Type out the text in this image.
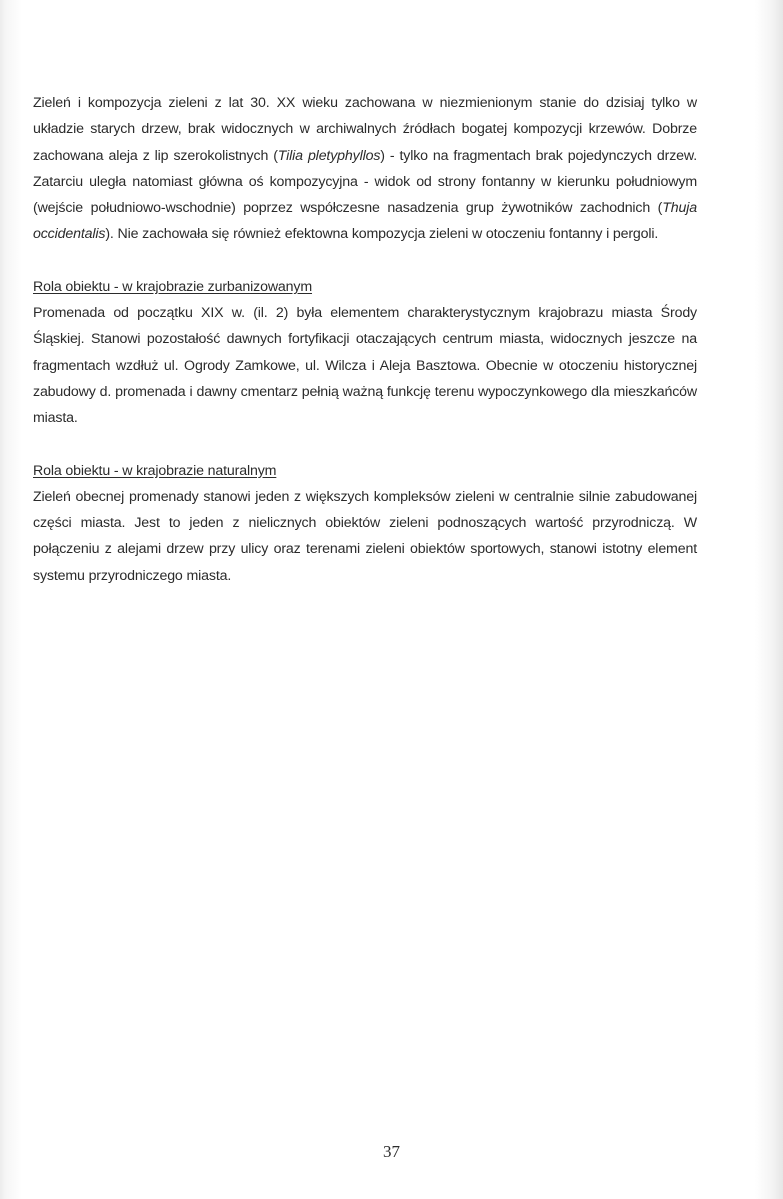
Zieleń i kompozycja zieleni z lat 30. XX wieku zachowana w niezmienionym stanie do dzisiaj tylko w układzie starych drzew, brak widocznych w archiwalnych źródłach bogatej kompozycji krzewów. Dobrze zachowana aleja z lip szerokolistnych (Tilia pletyphyllos) - tylko na fragmentach brak pojedynczych drzew. Zatarciu uległa natomiast główna oś kompozycyjna - widok od strony fontanny w kierunku południowym (wejście południowo-wschodnie) poprzez współczesne nasadzenia grup żywotników zachodnich (Thuja occidentalis). Nie zachowała się również efektowna kompozycja zieleni w otoczeniu fontanny i pergoli.

Rola obiektu - w krajobrazie zurbanizowanym

Promenada od początku XIX w. (il. 2) była elementem charakterystycznym krajobrazu miasta Środy Śląskiej. Stanowi pozostałość dawnych fortyfikacji otaczających centrum miasta, widocznych jeszcze na fragmentach wzdłuż ul. Ogrody Zamkowe, ul. Wilcza i Aleja Basztowa. Obecnie w otoczeniu historycznej zabudowy d. promenada i dawny cmentarz pełnią ważną funkcję terenu wypoczynkowego dla mieszkańców miasta.

Rola obiektu - w krajobrazie naturalnym

Zieleń obecnej promenady stanowi jeden z większych kompleksów zieleni w centralnie silnie zabudowanej części miasta. Jest to jeden z nielicznych obiektów zieleni podnoszących wartość przyrodniczą. W połączeniu z alejami drzew przy ulicy oraz terenami zieleni obiektów sportowych, stanowi istotny element systemu przyrodniczego miasta.

37
